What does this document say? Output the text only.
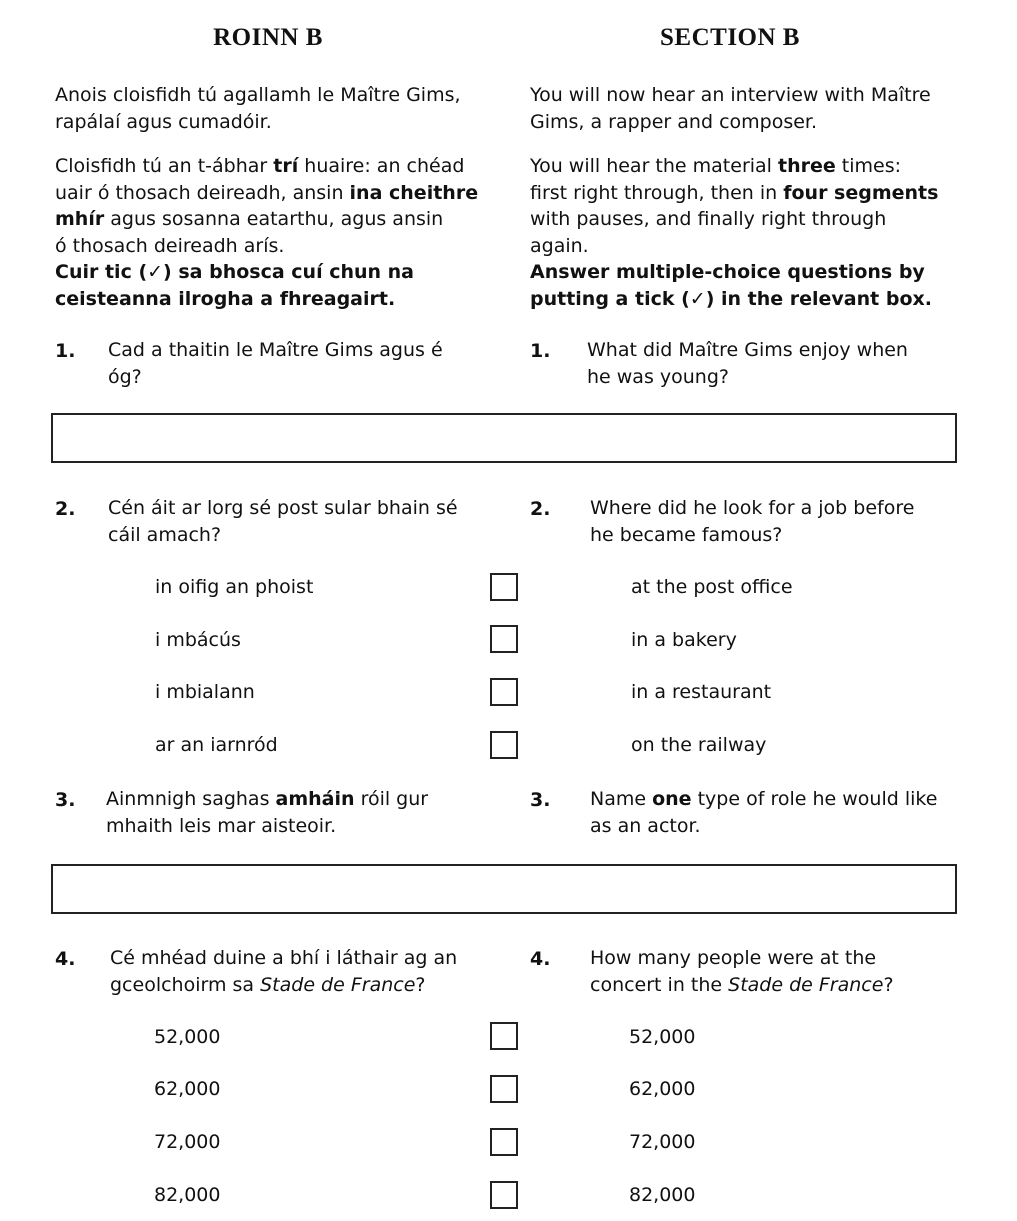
ROINN B	SECTION B
Anois cloisfidh tú agallamh le Maître Gims,
rapálaí agus cumadóir.
Cloisfidh tú an t-ábhar trí huaire: an chéad
uair ó thosach deireadh, ansin ina cheithre
mhír agus sosanna eatarthu, agus ansin
ó thosach deireadh arís.
Cuir tic (✓) sa bhosca cuí chun na
ceisteanna ilrogha a fhreagairt.
You will now hear an interview with Maître
Gims, a rapper and composer.
You will hear the material three times:
first right through, then in four segments
with pauses, and finally right through
again.
Answer multiple-choice questions by
putting a tick (✓) in the relevant box.
1. Cad a thaitin le Maître Gims agus é
óg?
1. What did Maître Gims enjoy when
he was young?
2. Cén áit ar lorg sé post sular bhain sé
cáil amach?
2. Where did he look for a job before
he became famous?
in oifig an phoist	at the post office
i mbácús	in a bakery
i mbialann	in a restaurant
ar an iarnród	on the railway
3. Ainmnigh saghas amháin róil gur
mhaith leis mar aisteoir.
3. Name one type of role he would like
as an actor.
4. Cé mhéad duine a bhí i láthair ag an
gceolchoirm sa Stade de France?
4. How many people were at the
concert in the Stade de France?
52,000	52,000
62,000	62,000
72,000	72,000
82,000	82,000
